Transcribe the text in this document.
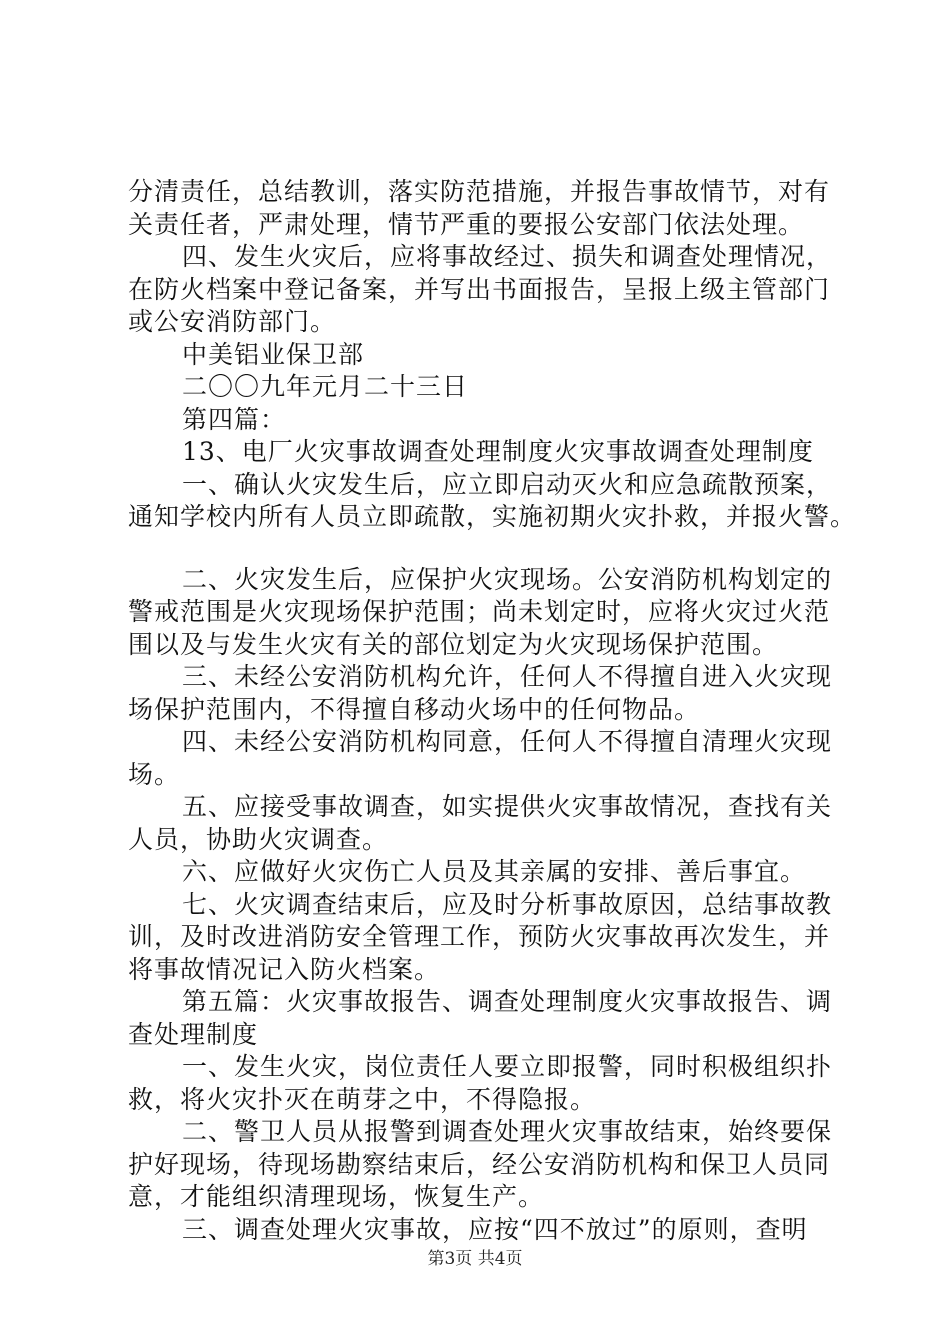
分清责任，总结教训，落实防范措施，并报告事故情节，对有

关责任者，严肃处理，情节严重的要报公安部门依法处理。

四、发生火灾后，应将事故经过、损失和调查处理情况，

在防火档案中登记备案，并写出书面报告，呈报上级主管部门

或公安消防部门。

中美铝业保卫部

二〇〇九年元月二十三日

第四篇：

13、电厂火灾事故调查处理制度火灾事故调查处理制度

一、确认火灾发生后，应立即启动灭火和应急疏散预案，

通知学校内所有人员立即疏散，实施初期火灾扑救，并报火警。

二、火灾发生后，应保护火灾现场。公安消防机构划定的

警戒范围是火灾现场保护范围；尚未划定时，应将火灾过火范

围以及与发生火灾有关的部位划定为火灾现场保护范围。

三、未经公安消防机构允许，任何人不得擅自进入火灾现

场保护范围内，不得擅自移动火场中的任何物品。

四、未经公安消防机构同意，任何人不得擅自清理火灾现

场。

五、应接受事故调查，如实提供火灾事故情况，查找有关

人员，协助火灾调查。

六、应做好火灾伤亡人员及其亲属的安排、善后事宜。

七、火灾调查结束后，应及时分析事故原因，总结事故教

训，及时改进消防安全管理工作，预防火灾事故再次发生，并

将事故情况记入防火档案。

第五篇：火灾事故报告、调查处理制度火灾事故报告、调

查处理制度

一、发生火灾，岗位责任人要立即报警，同时积极组织扑

救，将火灾扑灭在萌芽之中，不得隐报。

二、警卫人员从报警到调查处理火灾事故结束，始终要保

护好现场，待现场勘察结束后，经公安消防机构和保卫人员同

意，才能组织清理现场，恢复生产。

三、调查处理火灾事故，应按“四不放过”的原则，查明

第3页 共4页
